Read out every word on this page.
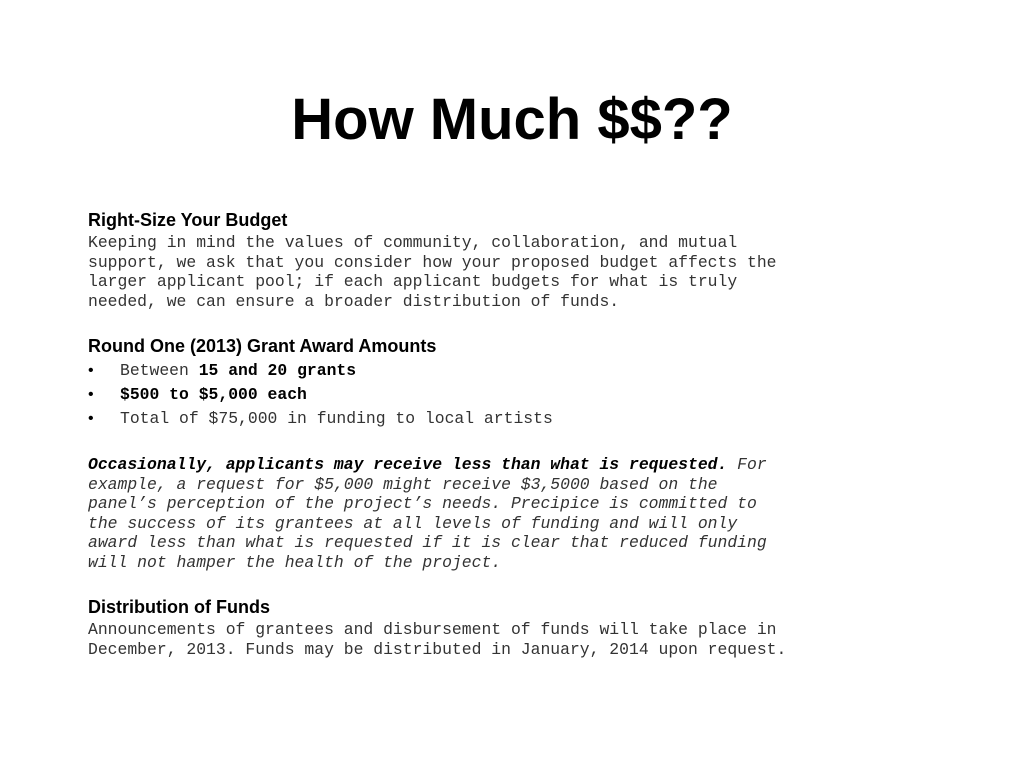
How Much $$??
Right-Size Your Budget

Keeping in mind the values of community, collaboration, and mutual
support, we ask that you consider how your proposed budget affects the
larger applicant pool; if each applicant budgets for what is truly
needed, we can ensure a broader distribution of funds.

Round One (2013) Grant Award Amounts
• Between 15 and 20 grants
• $500 to $5,000 each
• Total of $75,000 in funding to local artists

Occasionally, applicants may receive less than what is requested. For
example, a request for $5,000 might receive $3,5000 based on the
panel’s perception of the project’s needs. Precipice is committed to
the success of its grantees at all levels of funding and will only
award less than what is requested if it is clear that reduced funding
will not hamper the health of the project.

Distribution of Funds

Announcements of grantees and disbursement of funds will take place in
December, 2013. Funds may be distributed in January, 2014 upon request.
